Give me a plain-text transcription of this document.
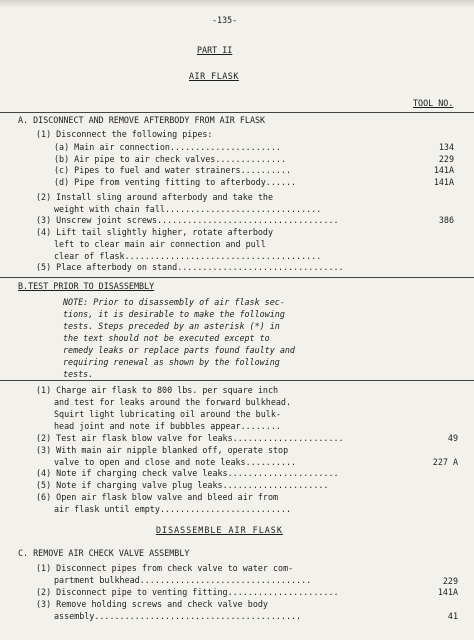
-135-
PART II
AIR FLASK
TOOL NO.
A. DISCONNECT AND REMOVE AFTERBODY FROM AIR FLASK
(1) Disconnect the following pipes:
(a) Main air connection......................	134
(b) Air pipe to air check valves..............	229
(c) Pipes to fuel and water strainers..........	141A
(d) Pipe from venting fitting to afterbody......	141A
(2) Install sling around afterbody and take the
weight with chain fall...............................
(3) Unscrew joint screws....................................	386
(4) Lift tail slightly higher, rotate afterbody
left to clear main air connection and pull
clear of flask.......................................
(5) Place afterbody on stand.................................
B.TEST PRIOR TO DISASSEMBLY
NOTE: Prior to disassembly of air flask sec-
tions, it is desirable to make the following
tests. Steps preceded by an asterisk (*) in
the text should not be executed except to
remedy leaks or replace parts found faulty and
requiring renewal as shown by the following
tests.
(1) Charge air flask to 800 lbs. per square inch
and test for leaks around the forward bulkhead.
Squirt light lubricating oil around the bulk-
head joint and note if bubbles appear........
(2) Test air flask blow valve for leaks......................	49
(3) With main air nipple blanked off, operate stop
valve to open and close and note leaks..........	227 A
(4) Note if charging check valve leaks......................
(5) Note if charging valve plug leaks.....................
(6) Open air flask blow valve and bleed air from
air flask until empty..........................
DISASSEMBLE AIR FLASK
C. REMOVE AIR CHECK VALVE ASSEMBLY
(1) Disconnect pipes from check valve to water com-
partment bulkhead..................................	229
(2) Disconnect pipe to venting fitting......................	141A
(3) Remove holding screws and check valve body
assembly.........................................	41
